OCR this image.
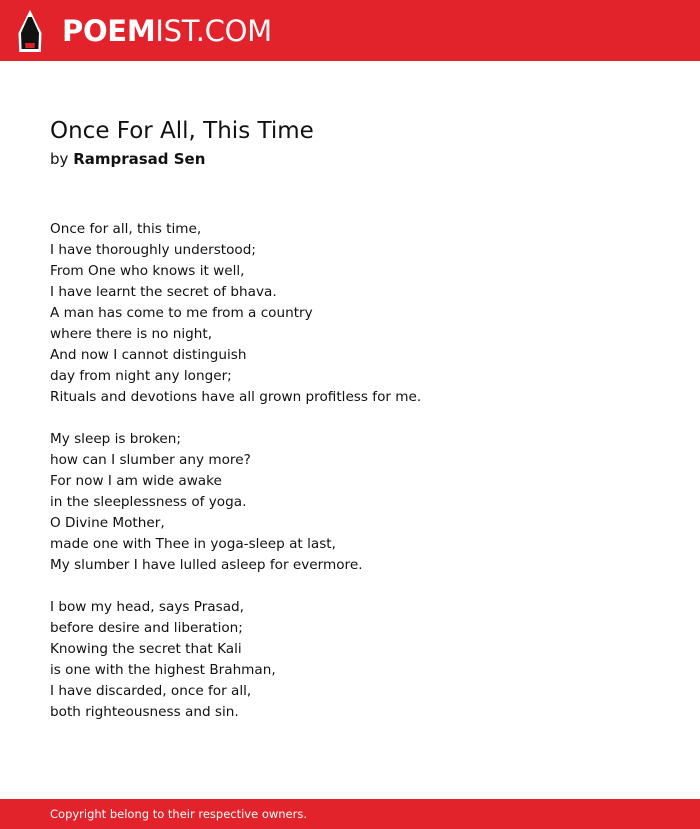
POEMIST.COM
Once For All, This Time
by Ramprasad Sen
Once for all, this time,
I have thoroughly understood;
From One who knows it well,
I have learnt the secret of bhava.
A man has come to me from a country
where there is no night,
And now I cannot distinguish
day from night any longer;
Rituals and devotions have all grown profitless for me.
My sleep is broken;
how can I slumber any more?
For now I am wide awake
in the sleeplessness of yoga.
O Divine Mother,
made one with Thee in yoga-sleep at last,
My slumber I have lulled asleep for evermore.
I bow my head, says Prasad,
before desire and liberation;
Knowing the secret that Kali
is one with the highest Brahman,
I have discarded, once for all,
both righteousness and sin.
Copyright belong to their respective owners.
